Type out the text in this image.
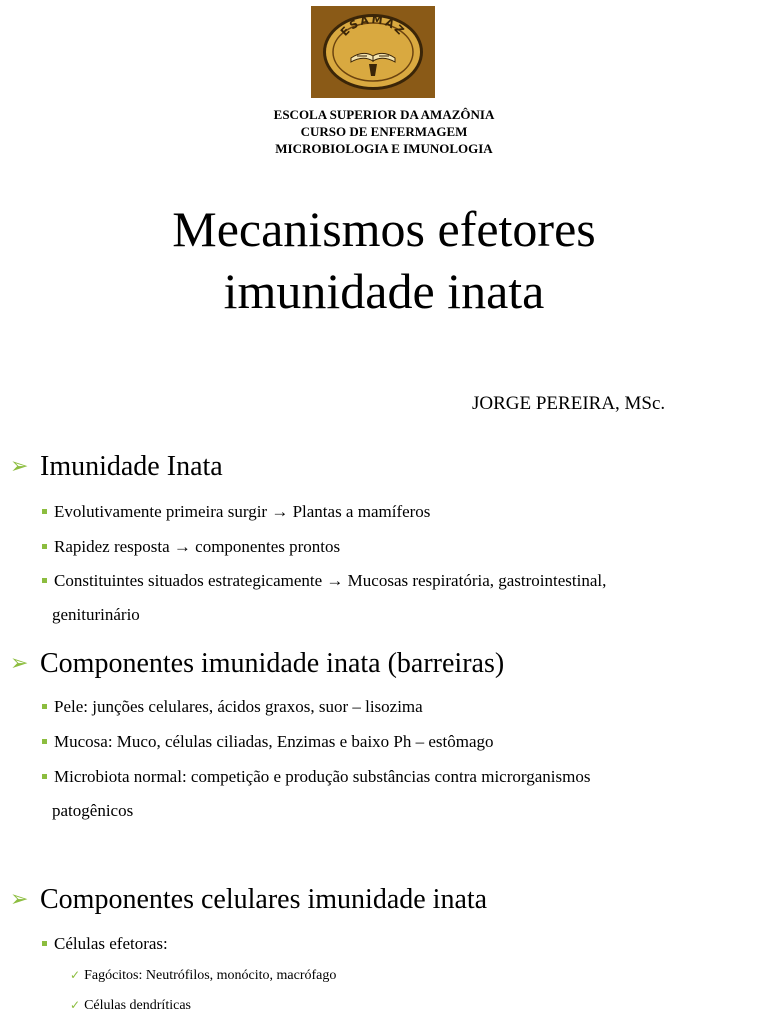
ESAMAZ
ESCOLA SUPERIOR DA AMAZÔNIA
CURSO DE ENFERMAGEM
MICROBIOLOGIA E IMUNOLOGIA
Mecanismos efetores
imunidade inata
JORGE PEREIRA, MSc.
➢ Imunidade Inata
Evolutivamente primeira surgir → Plantas a mamíferos
Rapidez resposta → componentes prontos
Constituintes situados estrategicamente → Mucosas respiratória, gastrointestinal,
geniturinário
➢ Componentes imunidade inata (barreiras)
Pele: junções celulares, ácidos graxos, suor – lisozima
Mucosa: Muco, células ciliadas, Enzimas e baixo Ph – estômago
Microbiota normal: competição e produção substâncias contra microrganismos
patogênicos
➢ Componentes celulares imunidade inata
Células efetoras:
✓ Fagócitos: Neutrófilos, monócito, macrófago
✓ Células dendríticas
